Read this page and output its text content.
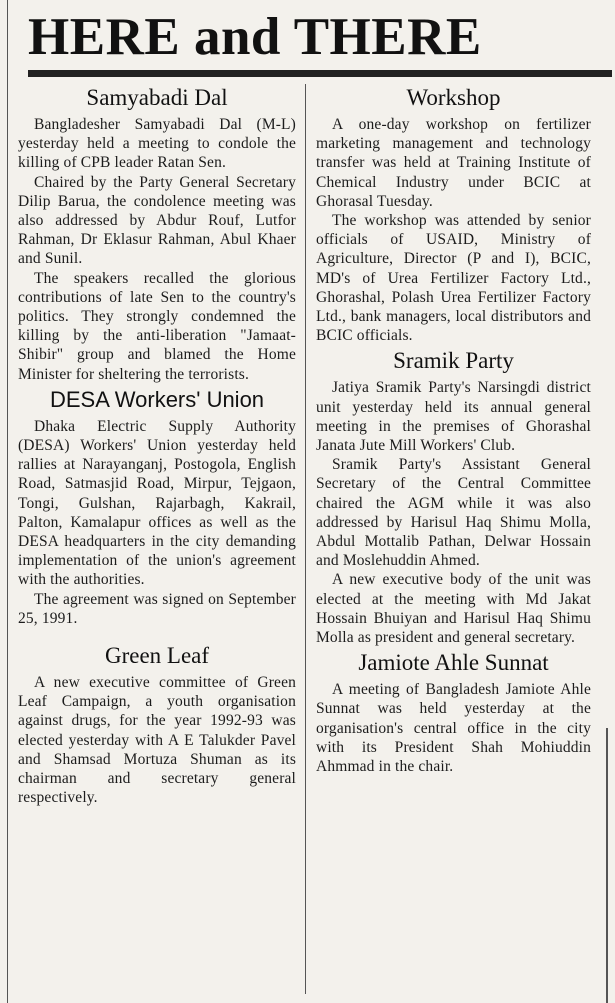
HERE and THERE
Samyabadi Dal

Bangladesher Samyabadi Dal (M-L) yesterday held a meeting to condole the killing of CPB leader Ratan Sen.

Chaired by the Party General Secretary Dilip Barua, the condolence meeting was also addressed by Abdur Rouf, Lutfor Rahman, Dr Eklasur Rahman, Abul Khaer and Sunil.

The speakers recalled the glorious contributions of late Sen to the country's politics. They strongly condemned the killing by the anti-liberation "Jamaat-Shibir" group and blamed the Home Minister for sheltering the terrorists.

DESA Workers' Union

Dhaka Electric Supply Authority (DESA) Workers' Union yesterday held rallies at Narayanganj, Postogola, English Road, Satmasjid Road, Mirpur, Tejgaon, Tongi, Gulshan, Rajarbagh, Kakrail, Palton, Kamalapur offices as well as the DESA headquarters in the city demanding implementation of the union's agreement with the authorities.

The agreement was signed on September 25, 1991.

Green Leaf

A new executive committee of Green Leaf Campaign, a youth organisation against drugs, for the year 1992-93 was elected yesterday with A E Talukder Pavel and Shamsad Mortuza Shuman as its chairman and secretary general respectively.

Workshop

A one-day workshop on fertilizer marketing management and technology transfer was held at Training Institute of Chemical Industry under BCIC at Ghorasal Tuesday.

The workshop was attended by senior officials of USAID, Ministry of Agriculture, Director (P and I), BCIC, MD's of Urea Fertilizer Factory Ltd., Ghorashal, Polash Urea Fertilizer Factory Ltd., bank managers, local distributors and BCIC officials.

Sramik Party

Jatiya Sramik Party's Narsingdi district unit yesterday held its annual general meeting in the premises of Ghorashal Janata Jute Mill Workers' Club.

Sramik Party's Assistant General Secretary of the Central Committee chaired the AGM while it was also addressed by Harisul Haq Shimu Molla, Abdul Mottalib Pathan, Delwar Hossain and Moslehuddin Ahmed.

A new executive body of the unit was elected at the meeting with Md Jakat Hossain Bhuiyan and Harisul Haq Shimu Molla as president and general secretary.

Jamiote Ahle Sunnat

A meeting of Bangladesh Jamiote Ahle Sunnat was held yesterday at the organisation's central office in the city with its President Shah Mohiuddin Ahmmad in the chair.
